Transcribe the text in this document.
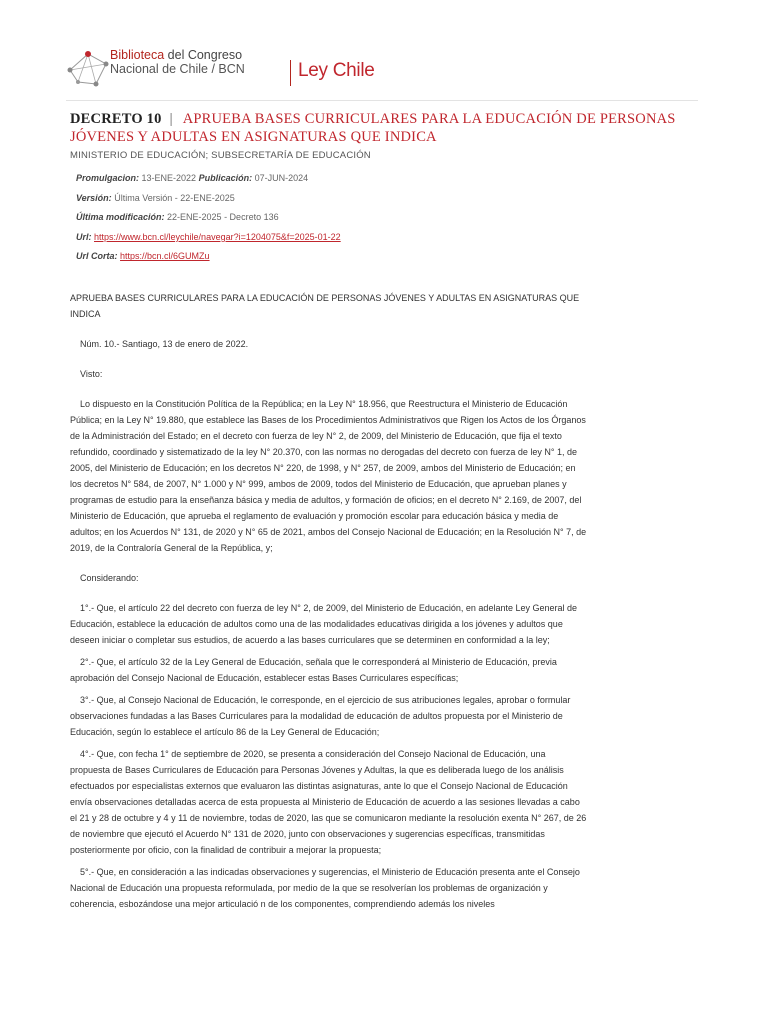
Biblioteca del Congreso
Nacional de Chile / BCN	Ley Chile
DECRETO 10 | APRUEBA BASES CURRICULARES PARA LA EDUCACIÓN DE PERSONAS JÓVENES Y ADULTAS EN ASIGNATURAS QUE INDICA
MINISTERIO DE EDUCACIÓN; SUBSECRETARÍA DE EDUCACIÓN
Promulgacion: 13-ENE-2022 Publicación: 07-JUN-2024
Versión: Última Versión - 22-ENE-2025
Última modificación: 22-ENE-2025 - Decreto 136
Url: https://www.bcn.cl/leychile/navegar?i=1204075&f=2025-01-22
Url Corta: https://bcn.cl/6GUMZu

APRUEBA BASES CURRICULARES PARA LA EDUCACIÓN DE PERSONAS JÓVENES Y ADULTAS EN ASIGNATURAS QUE INDICA

Núm. 10.- Santiago, 13 de enero de 2022.

Visto:

Lo dispuesto en la Constitución Política de la República; en la Ley N° 18.956, que Reestructura el Ministerio de Educación Pública; en la Ley N° 19.880, que establece las Bases de los Procedimientos Administrativos que Rigen los Actos de los Órganos de la Administración del Estado; en el decreto con fuerza de ley N° 2, de 2009, del Ministerio de Educación, que fija el texto refundido, coordinado y sistematizado de la ley N° 20.370, con las normas no derogadas del decreto con fuerza de ley N° 1, de 2005, del Ministerio de Educación; en los decretos N° 220, de 1998, y N° 257, de 2009, ambos del Ministerio de Educación; en los decretos N° 584, de 2007, N° 1.000 y N° 999, ambos de 2009, todos del Ministerio de Educación, que aprueban planes y programas de estudio para la enseñanza básica y media de adultos, y formación de oficios; en el decreto N° 2.169, de 2007, del Ministerio de Educación, que aprueba el reglamento de evaluación y promoción escolar para educación básica y media de adultos; en los Acuerdos N° 131, de 2020 y N° 65 de 2021, ambos del Consejo Nacional de Educación; en la Resolución N° 7, de 2019, de la Contraloría General de la República, y;

Considerando:

1°.- Que, el artículo 22 del decreto con fuerza de ley N° 2, de 2009, del Ministerio de Educación, en adelante Ley General de Educación, establece la educación de adultos como una de las modalidades educativas dirigida a los jóvenes y adultos que deseen iniciar o completar sus estudios, de acuerdo a las bases curriculares que se determinen en conformidad a la ley;

2°.- Que, el artículo 32 de la Ley General de Educación, señala que le corresponderá al Ministerio de Educación, previa aprobación del Consejo Nacional de Educación, establecer estas Bases Curriculares específicas;

3°.- Que, al Consejo Nacional de Educación, le corresponde, en el ejercicio de sus atribuciones legales, aprobar o formular observaciones fundadas a las Bases Curriculares para la modalidad de educación de adultos propuesta por el Ministerio de Educación, según lo establece el artículo 86 de la Ley General de Educación;

4°.- Que, con fecha 1° de septiembre de 2020, se presenta a consideración del Consejo Nacional de Educación, una propuesta de Bases Curriculares de Educación para Personas Jóvenes y Adultas, la que es deliberada luego de los análisis efectuados por especialistas externos que evaluaron las distintas asignaturas, ante lo que el Consejo Nacional de Educación envía observaciones detalladas acerca de esta propuesta al Ministerio de Educación de acuerdo a las sesiones llevadas a cabo el 21 y 28 de octubre y 4 y 11 de noviembre, todas de 2020, las que se comunicaron mediante la resolución exenta N° 267, de 26 de noviembre que ejecutó el Acuerdo N° 131 de 2020, junto con observaciones y sugerencias específicas, transmitidas posteriormente por oficio, con la finalidad de contribuir a mejorar la propuesta;

5°.- Que, en consideración a las indicadas observaciones y sugerencias, el Ministerio de Educación presenta ante el Consejo Nacional de Educación una propuesta reformulada, por medio de la que se resolverían los problemas de organización y coherencia, esbozándose una mejor articulació n de los componentes, comprendiendo además los niveles
